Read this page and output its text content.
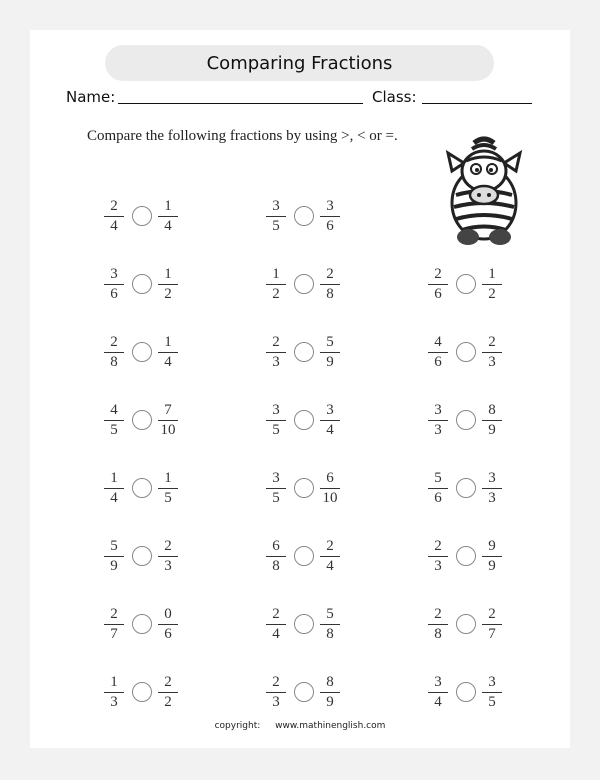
Comparing Fractions
Name:	Class:
Compare the following fractions by using >, < or =.
2
4
1
4
3
5
3
6
3
6
1
2
1
2
2
8
2
6
1
2
2
8
1
4
2
3
5
9
4
6
2
3
4
5
7
10
3
5
3
4
3
3
8
9
1
4
1
5
3
5
6
10
5
6
3
3
5
9
2
3
6
8
2
4
2
3
9
9
2
7
0
6
2
4
5
8
2
8
2
7
1
3
2
2
2
3
8
9
3
4
3
5
copyright: www.mathinenglish.com
